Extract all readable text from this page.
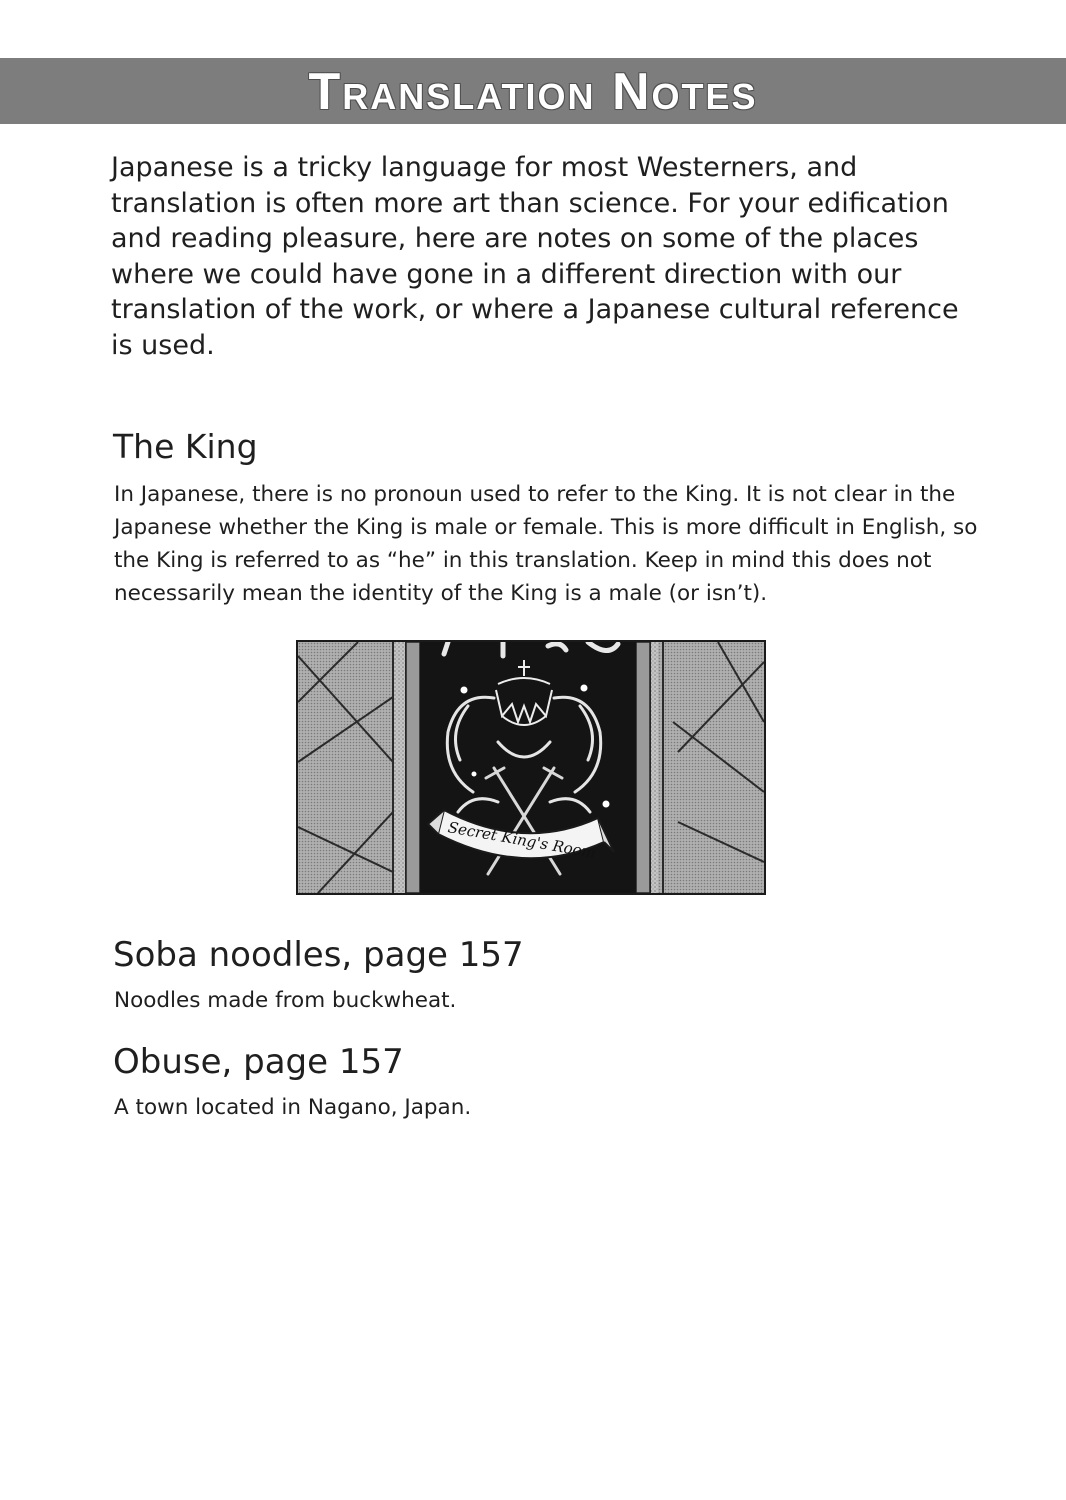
Translation Notes

Japanese is a tricky language for most Westerners, and translation is often more art than science. For your edification and reading pleasure, here are notes on some of the places where we could have gone in a different direction with our translation of the work, or where a Japanese cultural reference is used.

The King

In Japanese, there is no pronoun used to refer to the King. It is not clear in the Japanese whether the King is male or female. This is more difficult in English, so the King is referred to as “he” in this translation. Keep in mind this does not necessarily mean the identity of the King is a male (or isn’t).

Secret King's Room
Soba noodles, page 157

Noodles made from buckwheat.

Obuse, page 157

A town located in Nagano, Japan.
